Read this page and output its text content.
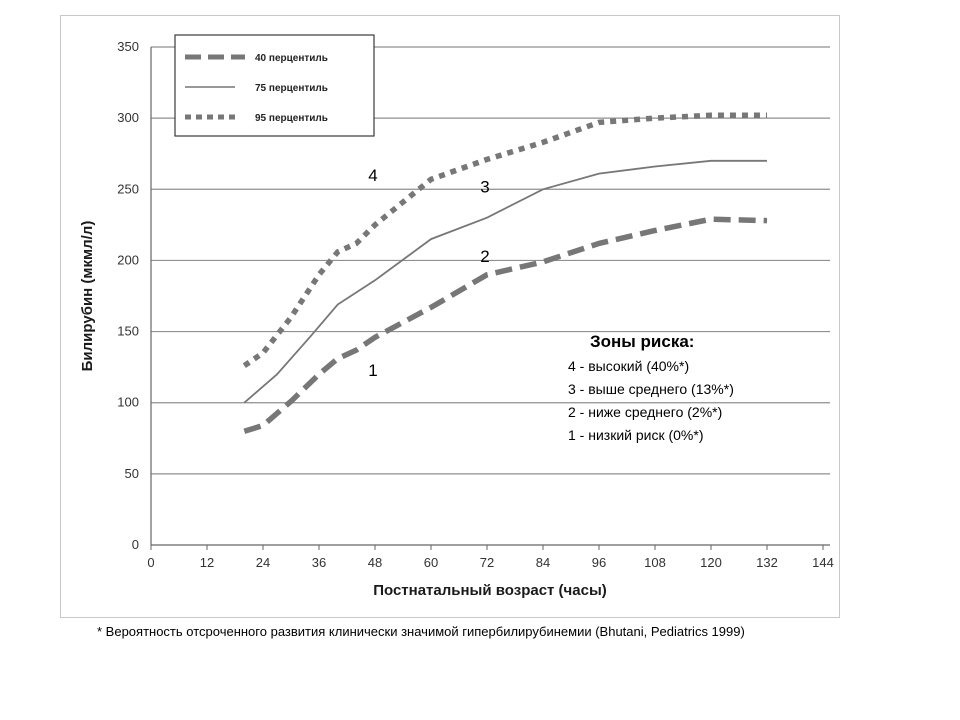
0
50
100
150
200
250
300
350
0	12	24	36	48	60	72	84	96	108	120	132	144
Постнатальный возраст (часы)
Билирубин (мкмл/л)
40 перцентиль
75 перцентиль
95 перцентиль
4
3
2
1
Зоны риска:
4 - высокий (40%*)
3 - выше среднего (13%*)
2 - ниже среднего (2%*)
1 - низкий риск (0%*)
* Вероятность отсроченного развития клинически значимой гипербилирубинемии (Bhutani, Pediatrics 1999)
